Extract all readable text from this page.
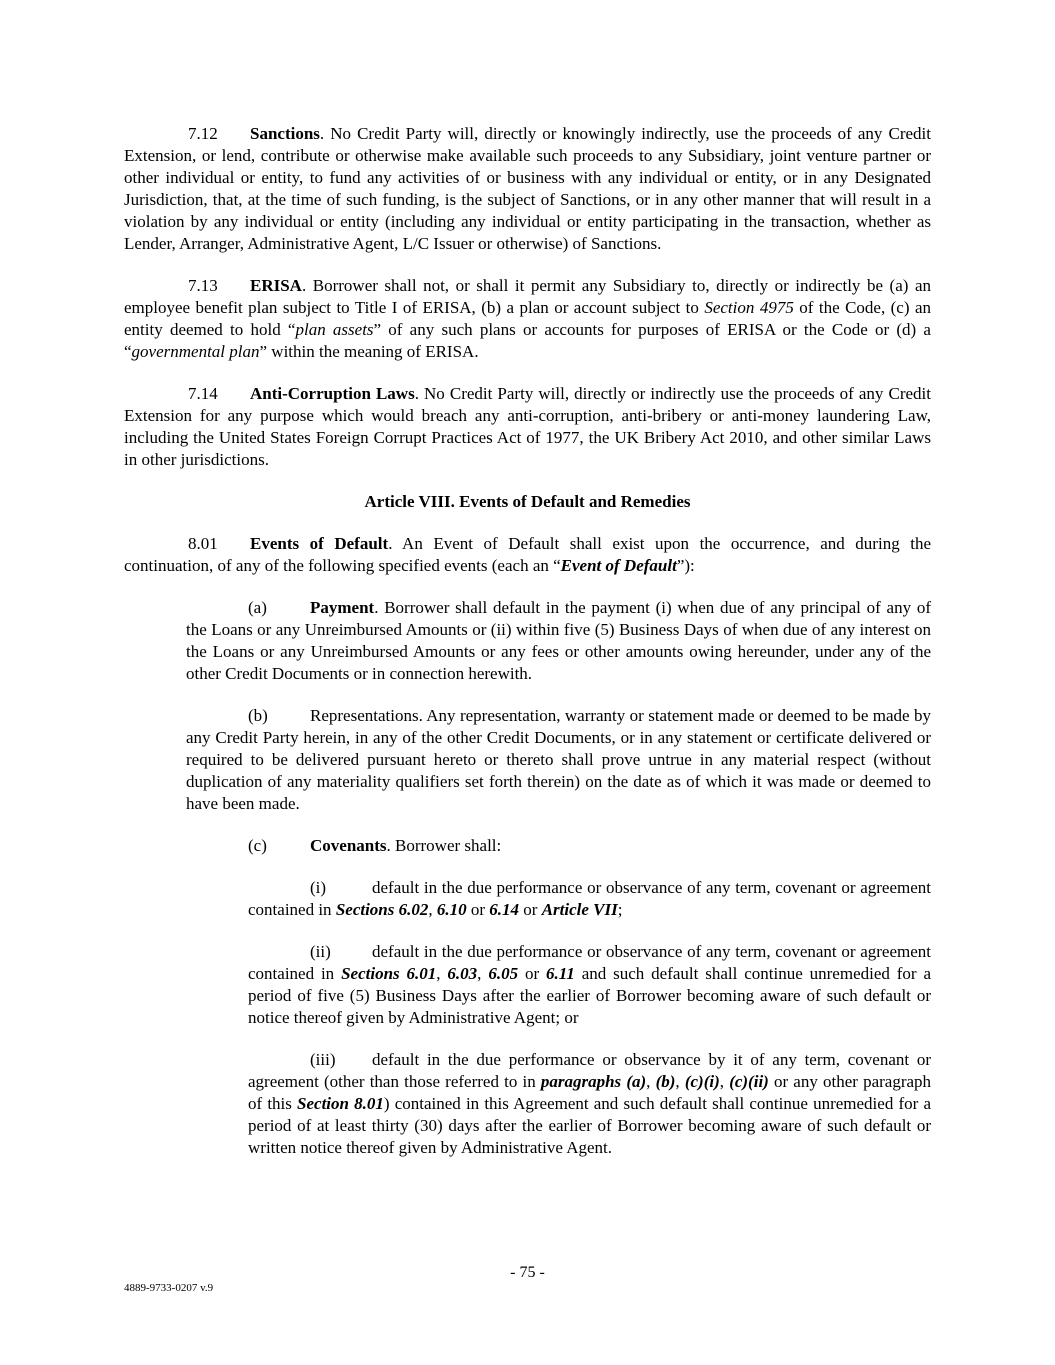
7.12 Sanctions. No Credit Party will, directly or knowingly indirectly, use the proceeds of any Credit Extension, or lend, contribute or otherwise make available such proceeds to any Subsidiary, joint venture partner or other individual or entity, to fund any activities of or business with any individual or entity, or in any Designated Jurisdiction, that, at the time of such funding, is the subject of Sanctions, or in any other manner that will result in a violation by any individual or entity (including any individual or entity participating in the transaction, whether as Lender, Arranger, Administrative Agent, L/C Issuer or otherwise) of Sanctions.

7.13 ERISA. Borrower shall not, or shall it permit any Subsidiary to, directly or indirectly be (a) an employee benefit plan subject to Title I of ERISA, (b) a plan or account subject to Section 4975 of the Code, (c) an entity deemed to hold “plan assets” of any such plans or accounts for purposes of ERISA or the Code or (d) a “governmental plan” within the meaning of ERISA.

7.14 Anti-Corruption Laws. No Credit Party will, directly or indirectly use the proceeds of any Credit Extension for any purpose which would breach any anti-corruption, anti-bribery or anti-money laundering Law, including the United States Foreign Corrupt Practices Act of 1977, the UK Bribery Act 2010, and other similar Laws in other jurisdictions.

Article VIII. Events of Default and Remedies

8.01 Events of Default. An Event of Default shall exist upon the occurrence, and during the continuation, of any of the following specified events (each an “Event of Default”):

(a)	Payment. Borrower shall default in the payment (i) when due of any principal of any of the Loans or any Unreimbursed Amounts or (ii) within five (5) Business Days of when due of any interest on the Loans or any Unreimbursed Amounts or any fees or other amounts owing hereunder, under any of the other Credit Documents or in connection herewith.

(b) Representations. Any representation, warranty or statement made or deemed to be made by any Credit Party herein, in any of the other Credit Documents, or in any statement or certificate delivered or required to be delivered pursuant hereto or thereto shall prove untrue in any material respect (without duplication of any materiality qualifiers set forth therein) on the date as of which it was made or deemed to have been made.

(c)	Covenants. Borrower shall:

(i)	default in the due performance or observance of any term, covenant or agreement contained in Sections 6.02, 6.10 or 6.14 or Article VII;

(ii) default in the due performance or observance of any term, covenant or agreement contained in Sections 6.01, 6.03, 6.05 or 6.11 and such default shall continue unremedied for a period of five (5) Business Days after the earlier of Borrower becoming aware of such default or notice thereof given by Administrative Agent; or

(iii) default in the due performance or observance by it of any term, covenant or agreement (other than those referred to in paragraphs (a), (b), (c)(i), (c)(ii) or any other paragraph of this Section 8.01) contained in this Agreement and such default shall continue unremedied for a period of at least thirty (30) days after the earlier of Borrower becoming aware of such default or written notice thereof given by Administrative Agent.

- 75 -
4889-9733-0207 v.9
